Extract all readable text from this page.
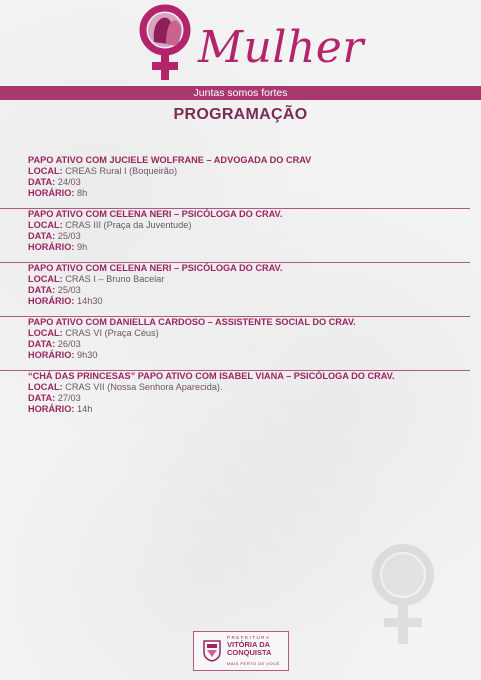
Mulher
Juntas somos fortes
PROGRAMAÇÃO
PAPO ATIVO COM JUCIELE WOLFRANE – ADVOGADA DO CRAV
LOCAL: CREAS Rural I (Boqueirão)
DATA: 24/03
HORÁRIO: 8h
PAPO ATIVO COM CELENA NERI – PSICÓLOGA DO CRAV.
LOCAL: CRAS III (Praça da Juventude)
DATA: 25/03
HORÁRIO: 9h
PAPO ATIVO COM CELENA NERI – PSICÓLOGA DO CRAV.
LOCAL: CRAS I – Bruno Bacelar
DATA: 25/03
HORÁRIO: 14h30
PAPO ATIVO COM DANIELLA CARDOSO – ASSISTENTE SOCIAL DO CRAV.
LOCAL: CRAS VI (Praça Céus)
DATA: 26/03
HORÁRIO: 9h30
“CHÁ DAS PRINCESAS” PAPO ATIVO COM ISABEL VIANA – PSICÓLOGA DO CRAV.
LOCAL: CRAS VII (Nossa Senhora Aparecida).
DATA: 27/03
HORÁRIO: 14h
PREFEITURA
VITÓRIA DA
CONQUISTA
MAIS PERTO DE VOCÊ
